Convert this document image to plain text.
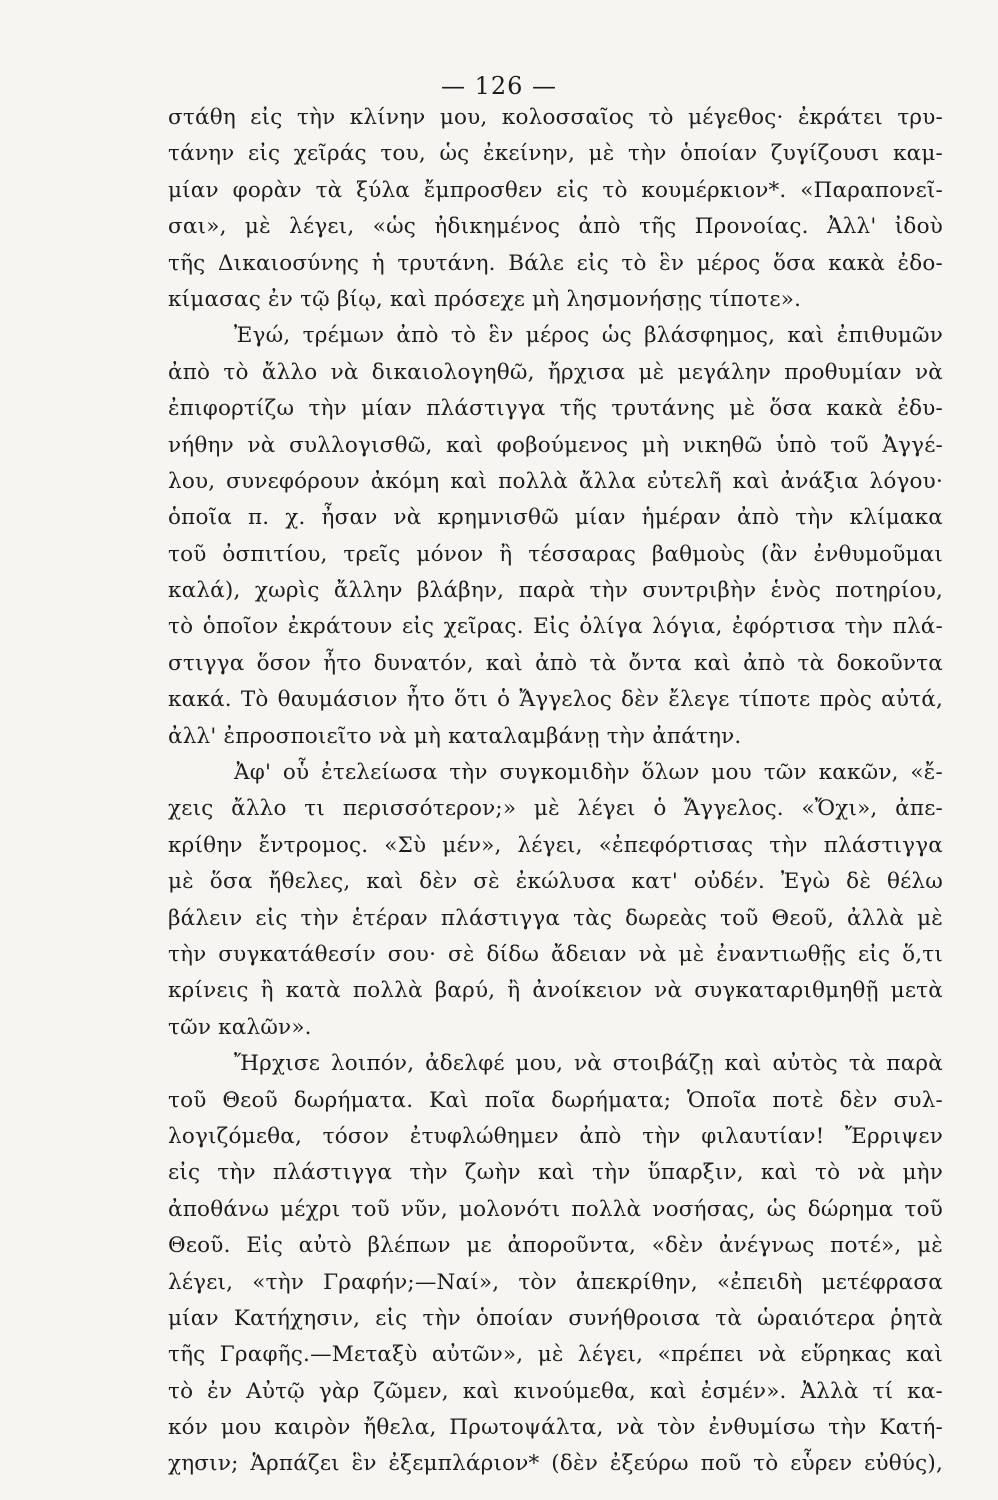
— 126 —
στάθη εἰς τὴν κλίνην μου, κολοσσαῖος τὸ μέγεθος· ἐκράτει τρυ-
τάνην εἰς χεῖράς του, ὡς ἐκείνην, μὲ τὴν ὁποίαν ζυγίζουσι καμ-
μίαν φορὰν τὰ ξύλα ἔμπροσθεν εἰς τὸ κουμέρκιον*. «Παραπονεῖ-
σαι», μὲ λέγει, «ὡς ἠδικημένος ἀπὸ τῆς Προνοίας. Ἀλλ' ἰδοὺ
τῆς Δικαιοσύνης ἡ τρυτάνη. Βάλε εἰς τὸ ἓν μέρος ὅσα κακὰ ἐδο-
κίμασας ἐν τῷ βίῳ, καὶ πρόσεχε μὴ λησμονήσῃς τίποτε».
Ἐγώ, τρέμων ἀπὸ τὸ ἓν μέρος ὡς βλάσφημος, καὶ ἐπιθυμῶν
ἀπὸ τὸ ἄλλο νὰ δικαιολογηθῶ, ἤρχισα μὲ μεγάλην προθυμίαν νὰ
ἐπιφορτίζω τὴν μίαν πλάστιγγα τῆς τρυτάνης μὲ ὅσα κακὰ ἐδυ-
νήθην νὰ συλλογισθῶ, καὶ φοβούμενος μὴ νικηθῶ ὑπὸ τοῦ Ἀγγέ-
λου, συνεφόρουν ἀκόμη καὶ πολλὰ ἄλλα εὐτελῆ καὶ ἀνάξια λόγου·
ὁποῖα π. χ. ἦσαν νὰ κρημνισθῶ μίαν ἡμέραν ἀπὸ τὴν κλίμακα
τοῦ ὀσπιτίου, τρεῖς μόνον ἢ τέσσαρας βαθμοὺς (ἂν ἐνθυμοῦμαι
καλά), χωρὶς ἄλλην βλάβην, παρὰ τὴν συντριβὴν ἑνὸς ποτηρίου,
τὸ ὁποῖον ἐκράτουν εἰς χεῖρας. Εἰς ὀλίγα λόγια, ἐφόρτισα τὴν πλά-
στιγγα ὅσον ἦτο δυνατόν, καὶ ἀπὸ τὰ ὄντα καὶ ἀπὸ τὰ δοκοῦντα
κακά. Τὸ θαυμάσιον ἦτο ὅτι ὁ Ἄγγελος δὲν ἔλεγε τίποτε πρὸς αὐτά,
ἀλλ' ἐπροσποιεῖτο νὰ μὴ καταλαμβάνῃ τὴν ἀπάτην.
Ἀφ' οὗ ἐτελείωσα τὴν συγκομιδὴν ὅλων μου τῶν κακῶν, «ἔ-
χεις ἄλλο τι περισσότερον;» μὲ λέγει ὁ Ἄγγελος. «Ὄχι», ἀπε-
κρίθην ἔντρομος. «Σὺ μέν», λέγει, «ἐπεφόρτισας τὴν πλάστιγγα
μὲ ὅσα ἤθελες, καὶ δὲν σὲ ἐκώλυσα κατ' οὐδέν. Ἐγὼ δὲ θέλω
βάλειν εἰς τὴν ἑτέραν πλάστιγγα τὰς δωρεὰς τοῦ Θεοῦ, ἀλλὰ μὲ
τὴν συγκατάθεσίν σου· σὲ δίδω ἄδειαν νὰ μὲ ἐναντιωθῇς εἰς ὅ,τι
κρίνεις ἢ κατὰ πολλὰ βαρύ, ἢ ἀνοίκειον νὰ συγκαταριθμηθῇ μετὰ
τῶν καλῶν».
Ἤρχισε λοιπόν, ἀδελφέ μου, νὰ στοιβάζῃ καὶ αὐτὸς τὰ παρὰ
τοῦ Θεοῦ δωρήματα. Καὶ ποῖα δωρήματα; Ὁποῖα ποτὲ δὲν συλ-
λογιζόμεθα, τόσον ἐτυφλώθημεν ἀπὸ τὴν φιλαυτίαν! Ἔρριψεν
εἰς τὴν πλάστιγγα τὴν ζωὴν καὶ τὴν ὕπαρξιν, καὶ τὸ νὰ μὴν
ἀποθάνω μέχρι τοῦ νῦν, μολονότι πολλὰ νοσήσας, ὡς δώρημα τοῦ
Θεοῦ. Εἰς αὐτὸ βλέπων με ἀποροῦντα, «δὲν ἀνέγνως ποτέ», μὲ
λέγει, «τὴν Γραφήν;—Ναί», τὸν ἀπεκρίθην, «ἐπειδὴ μετέφρασα
μίαν Κατήχησιν, εἰς τὴν ὁποίαν συνήθροισα τὰ ὡραιότερα ῥητὰ
τῆς Γραφῆς.—Μεταξὺ αὐτῶν», μὲ λέγει, «πρέπει νὰ εὕρηκας καὶ
τὸ ἐν Αὐτῷ γὰρ ζῶμεν, καὶ κινούμεθα, καὶ ἐσμέν». Ἀλλὰ τί κα-
κόν μου καιρὸν ἤθελα, Πρωτοψάλτα, νὰ τὸν ἐνθυμίσω τὴν Κατή-
χησιν; Ἁρπάζει ἓν ἐξεμπλάριον* (δὲν ἐξεύρω ποῦ τὸ εὗρεν εὐθύς),
